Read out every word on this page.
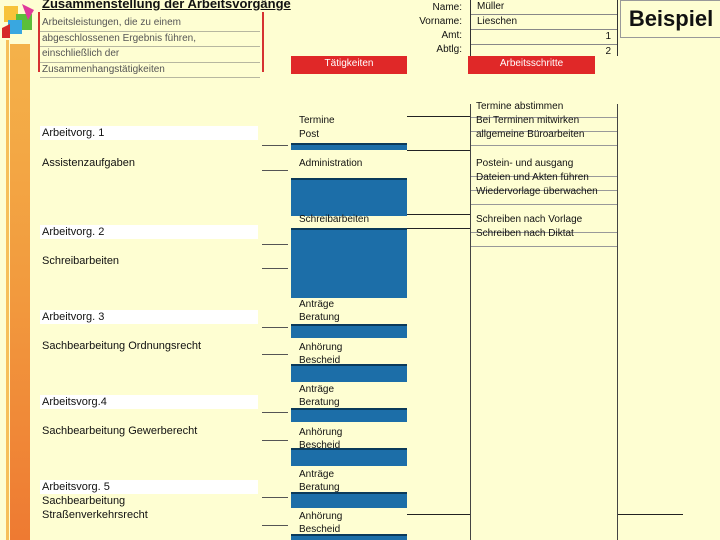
Zusammenstellung der Arbeitsvorgänge
Arbeitsleistungen, die zu einem
abgeschlossenen Ergebnis führen,
einschließlich der
Zusammenhangstätigkeiten
Name:
Vorname:
Amt:
Abtlg:
Müller
Lieschen
1
2
Beispiel
Tätigkeiten	Arbeitsschritte
Arbeitvorg. 1
Assistenzaufgaben
Arbeitvorg. 2
Schreibarbeiten
Arbeitvorg. 3
Sachbearbeitung Ordnungsrecht
Arbeitsvorg.4
Sachbearbeitung Gewerberecht
Arbeitsvorg. 5
Sachbearbeitung
Straßenverkehrsrecht
Termine
Post
Administration
Schreibarbeiten
Anträge
Beratung
Anhörung
Bescheid
Anträge
Beratung
Anhörung
Bescheid
Anträge
Beratung
Anhörung
Bescheid
Termine abstimmen
Bei Terminen mitwirken
allgemeine Büroarbeiten
Postein- und ausgang
Dateien und Akten führen
Wiedervorlage überwachen
Schreiben nach Vorlage
Schreiben nach Diktat
